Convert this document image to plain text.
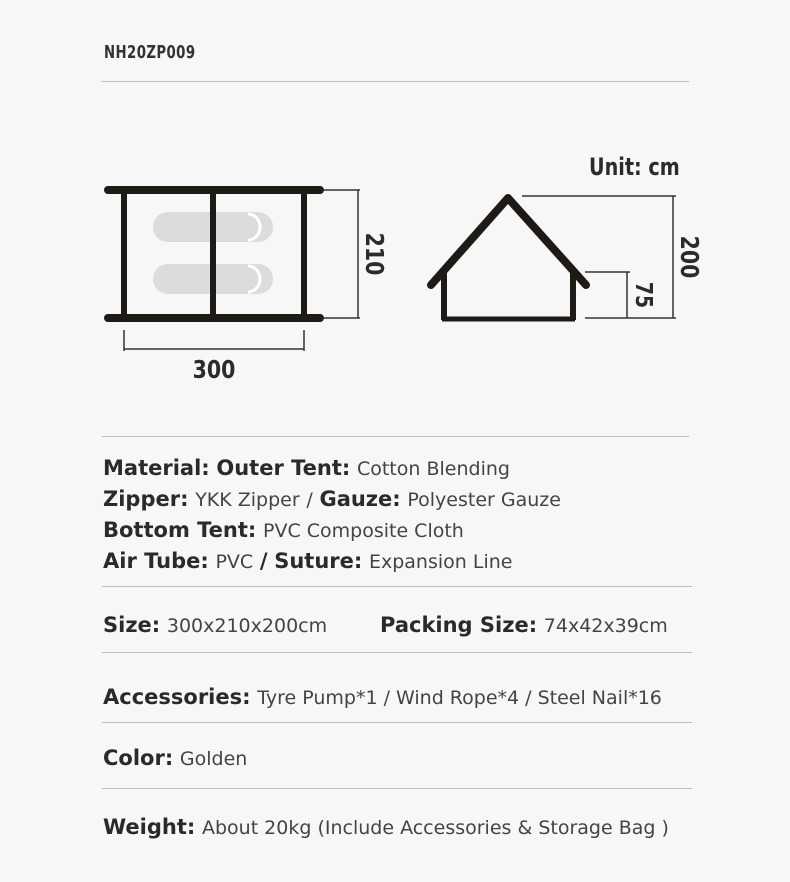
NH20ZP009
Unit: cm
300
210	200
75
Material: Outer Tent: Cotton Blending
Zipper: YKK Zipper / Gauze: Polyester Gauze
Bottom Tent: PVC Composite Cloth
Air Tube: PVC / Suture: Expansion Line
Size: 300x210x200cm	Packing Size: 74x42x39cm
Accessories: Tyre Pump*1 / Wind Rope*4 / Steel Nail*16
Color: Golden
Weight: About 20kg (Include Accessories & Storage Bag )
